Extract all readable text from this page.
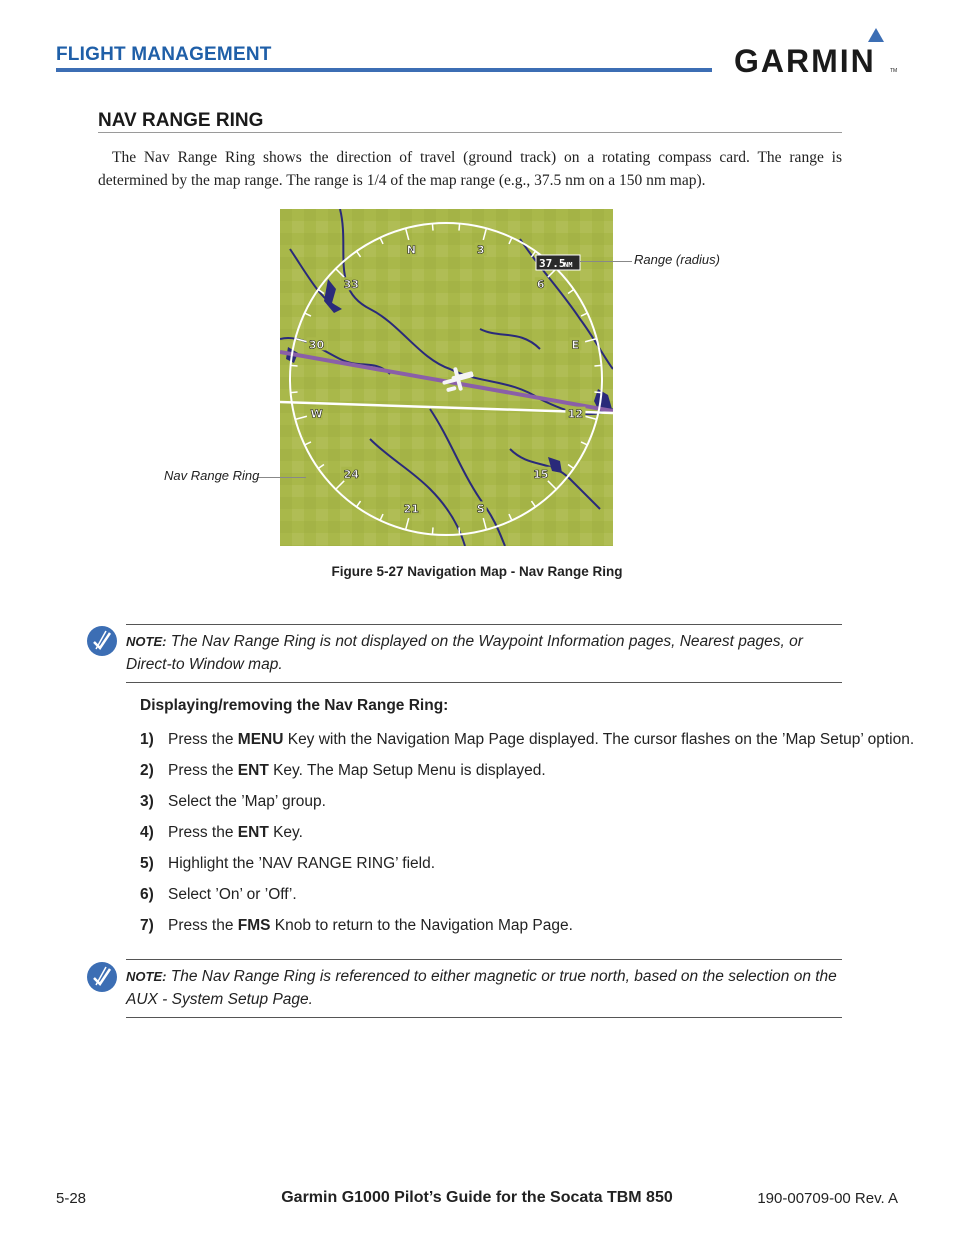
FLIGHT MANAGEMENT	GARMIN	TM
NAV RANGE RING
The Nav Range Ring shows the direction of travel (ground track) on a rotating compass card. The range is determined by the map range. The range is 1/4 of the map range (e.g., 37.5 nm on a 150 nm map).
N	3
6
E
12
15
S
21
24
W
30
33
37.5
NM	Range (radius)
Nav Range Ring
Figure 5-27 Navigation Map - Nav Range Ring
NOTE: The Nav Range Ring is not displayed on the Waypoint Information pages, Nearest pages, or Direct-to Window map.
Displaying/removing the Nav Range Ring:
1) Press the MENU Key with the Navigation Map Page displayed. The cursor flashes on the ’Map Setup’ option.
2) Press the ENT Key. The Map Setup Menu is displayed.
3) Select the ’Map’ group.
4) Press the ENT Key.
5) Highlight the ’NAV RANGE RING’ field.
6) Select ’On’ or ’Off’.
7) Press the FMS Knob to return to the Navigation Map Page.
NOTE: The Nav Range Ring is referenced to either magnetic or true north, based on the selection on the AUX - System Setup Page.
5-28	Garmin G1000 Pilot’s Guide for the Socata TBM 850	190-00709-00 Rev. A
